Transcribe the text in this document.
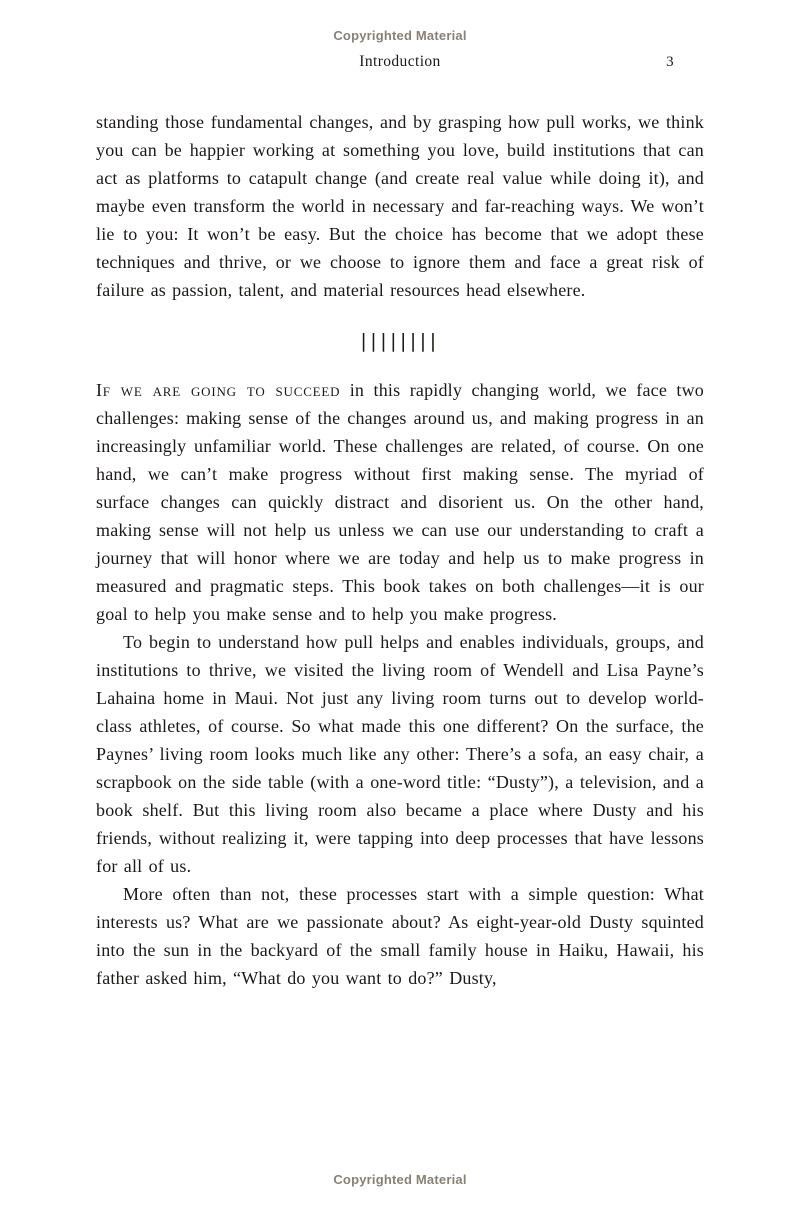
Copyrighted Material
Introduction	3

standing those fundamental changes, and by grasping how pull works, we think you can be happier working at something you love, build institutions that can act as platforms to catapult change (and create real value while doing it), and maybe even transform the world in necessary and far-reaching ways. We won’t lie to you: It won’t be easy. But the choice has become that we adopt these techniques and thrive, or we choose to ignore them and face a great risk of failure as passion, talent, and material resources head elsewhere.

||||||||

If we are going to succeed in this rapidly changing world, we face two challenges: making sense of the changes around us, and making progress in an increasingly unfamiliar world. These challenges are related, of course. On one hand, we can’t make progress without first making sense. The myriad of surface changes can quickly distract and disorient us. On the other hand, making sense will not help us unless we can use our understanding to craft a journey that will honor where we are today and help us to make progress in measured and pragmatic steps. This book takes on both challenges—it is our goal to help you make sense and to help you make progress.

To begin to understand how pull helps and enables individuals, groups, and institutions to thrive, we visited the living room of Wendell and Lisa Payne’s Lahaina home in Maui. Not just any living room turns out to develop world-class athletes, of course. So what made this one different? On the surface, the Paynes’ living room looks much like any other: There’s a sofa, an easy chair, a scrapbook on the side table (with a one-word title: “Dusty”), a television, and a book shelf. But this living room also became a place where Dusty and his friends, without realizing it, were tapping into deep processes that have lessons for all of us.

More often than not, these processes start with a simple question: What interests us? What are we passionate about? As eight-year-old Dusty squinted into the sun in the backyard of the small family house in Haiku, Hawaii, his father asked him, “What do you want to do?” Dusty,

Copyrighted Material
